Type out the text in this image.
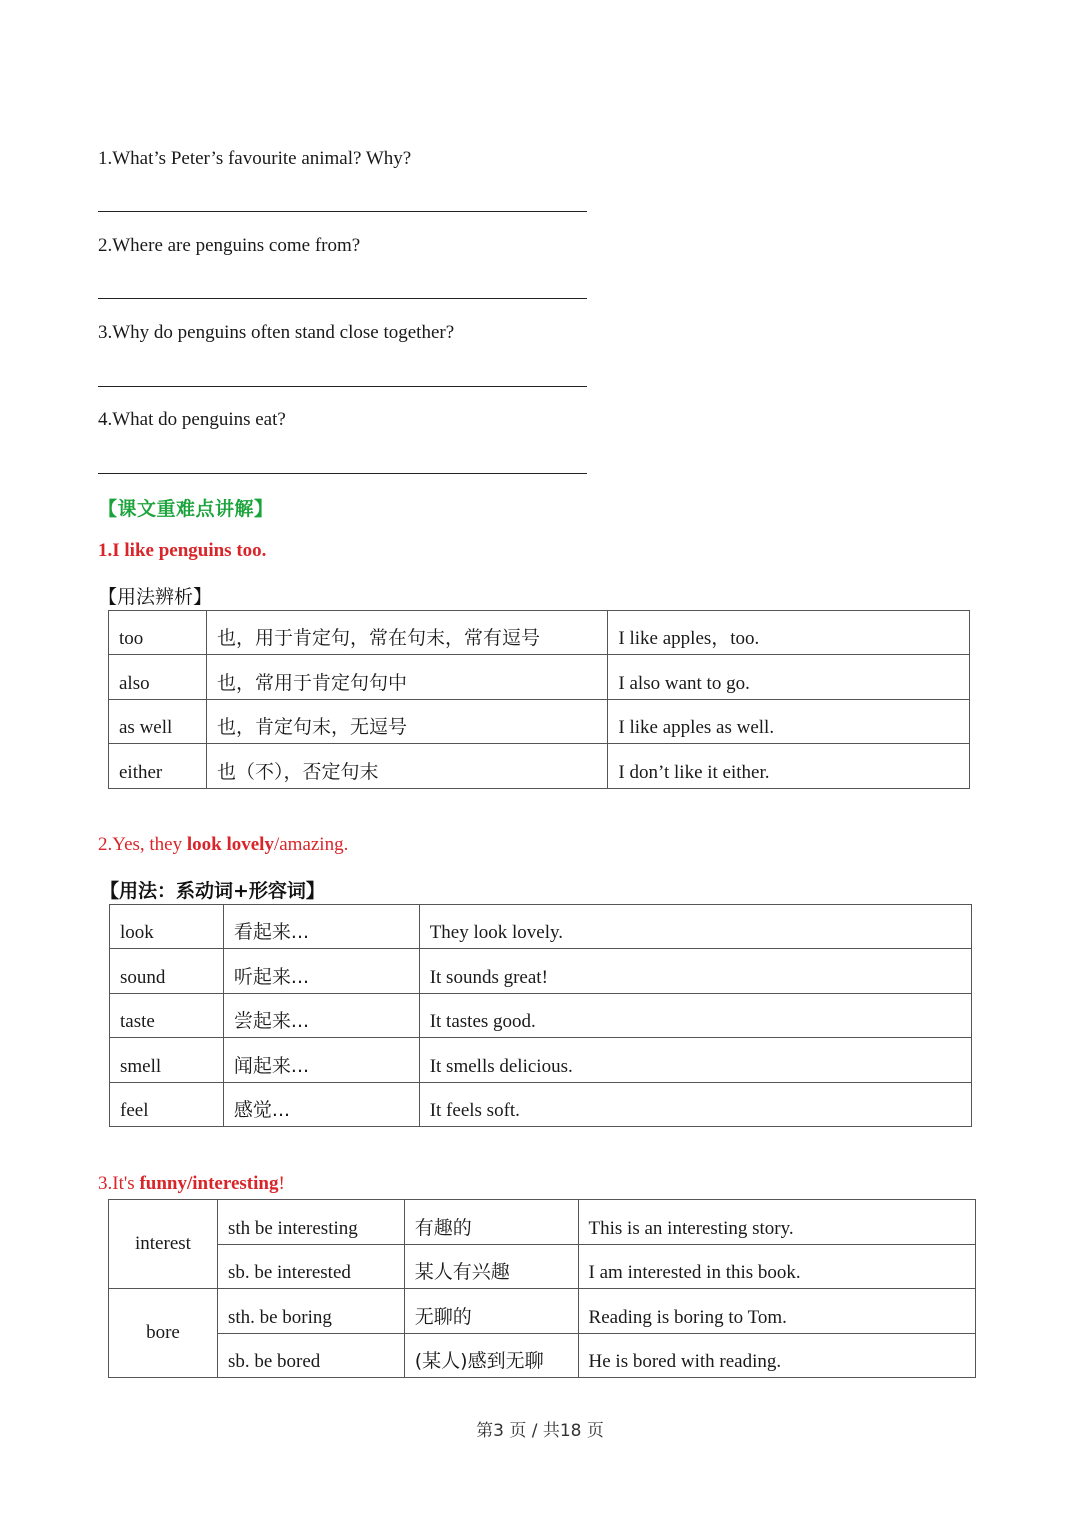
1.What’s Peter’s favourite animal? Why?
2.Where are penguins come from?
3.Why do penguins often stand close together?
4.What do penguins eat?
【课文重难点讲解】
1.I like penguins too.
【用法辨析】
too	也，用于肯定句，常在句末，常有逗号	I like apples，too.
also	也，常用于肯定句句中	I also want to go.
as well	也，肯定句末，无逗号	I like apples as well.
either	也（不），否定句末	I don’t like it either.
2.Yes, they look lovely/amazing.
【用法：系动词+形容词】
look	看起来...	They look lovely.
sound	听起来...	It sounds great!
taste	尝起来...	It tastes good.
smell	闻起来...	It smells delicious.
feel	感觉...	It feels soft.
3.It's funny/interesting!
interest	sth be interesting	有趣的	This is an interesting story.
	sb. be interested	某人有兴趣	I am interested in this book.
bore	sth. be boring	无聊的	Reading is boring to Tom.
	sb. be bored	(某人)感到无聊	He is bored with reading.
第3 页 / 共18 页
